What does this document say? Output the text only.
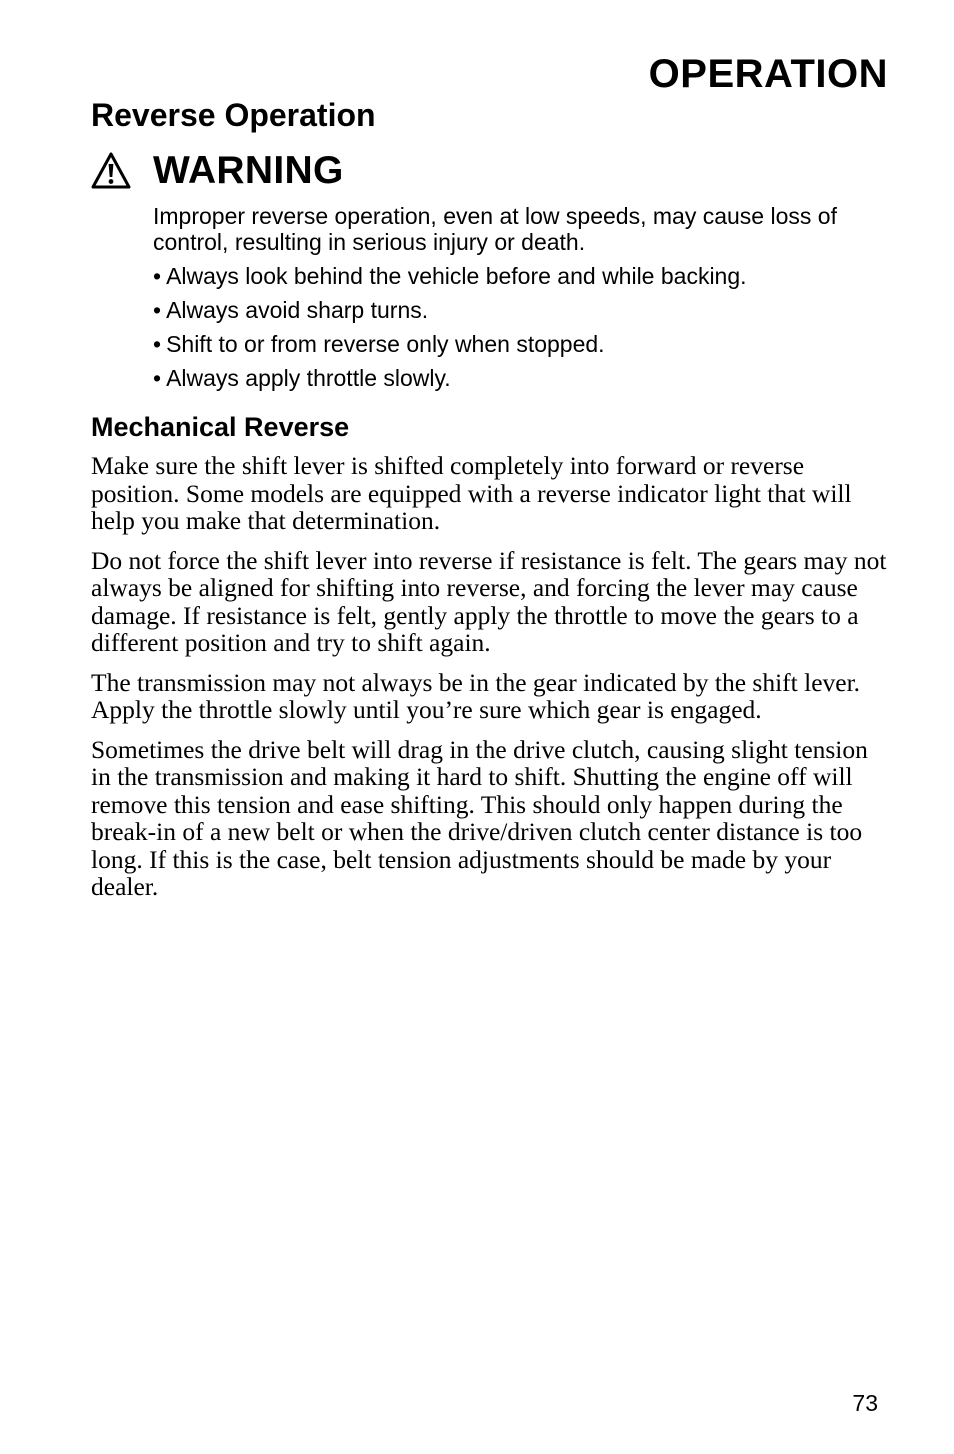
OPERATION
Reverse Operation
WARNING

Improper reverse operation, even at low speeds, may cause loss of control, resulting in serious injury or death.

• Always look behind the vehicle before and while backing.
• Always avoid sharp turns.
• Shift to or from reverse only when stopped.
• Always apply throttle slowly.
Mechanical Reverse

Make sure the shift lever is shifted completely into forward or reverse position. Some models are equipped with a reverse indicator light that will help you make that determination.

Do not force the shift lever into reverse if resistance is felt. The gears may not always be aligned for shifting into reverse, and forcing the lever may cause damage. If resistance is felt, gently apply the throttle to move the gears to a different position and try to shift again.

The transmission may not always be in the gear indicated by the shift lever. Apply the throttle slowly until you’re sure which gear is engaged.

Sometimes the drive belt will drag in the drive clutch, causing slight tension in the transmission and making it hard to shift. Shutting the engine off will remove this tension and ease shifting. This should only happen during the break-in of a new belt or when the drive/driven clutch center distance is too long. If this is the case, belt tension adjustments should be made by your dealer.

73
